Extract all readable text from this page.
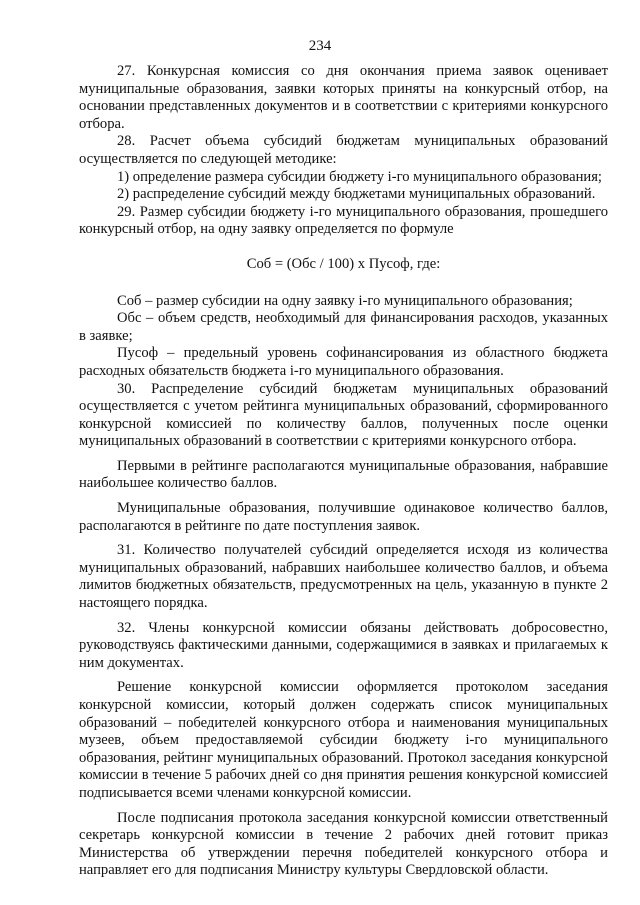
234

27. Конкурсная комиссия со дня окончания приема заявок оценивает муниципальные образования, заявки которых приняты на конкурсный отбор, на основании представленных документов и в соответствии с критериями конкурсного отбора.

28. Расчет объема субсидий бюджетам муниципальных образований осуществляется по следующей методике:

1) определение размера субсидии бюджету i-го муниципального образования;

2) распределение субсидий между бюджетами муниципальных образований.

29. Размер субсидии бюджету i-го муниципального образования, прошедшего конкурсный отбор, на одну заявку определяется по формуле

Соб = (Обс / 100) х Пусоф, где:

Соб – размер субсидии на одну заявку i-го муниципального образования;

Обс – объем средств, необходимый для финансирования расходов, указанных в заявке;

Пусоф – предельный уровень софинансирования из областного бюджета расходных обязательств бюджета i-го муниципального образования.

30. Распределение субсидий бюджетам муниципальных образований осуществляется с учетом рейтинга муниципальных образований, сформированного конкурсной комиссией по количеству баллов, полученных после оценки муниципальных образований в соответствии с критериями конкурсного отбора.

Первыми в рейтинге располагаются муниципальные образования, набравшие наибольшее количество баллов.

Муниципальные образования, получившие одинаковое количество баллов, располагаются в рейтинге по дате поступления заявок.

31. Количество получателей субсидий определяется исходя из количества муниципальных образований, набравших наибольшее количество баллов, и объема лимитов бюджетных обязательств, предусмотренных на цель, указанную в пункте 2 настоящего порядка.

32. Члены конкурсной комиссии обязаны действовать добросовестно, руководствуясь фактическими данными, содержащимися в заявках и прилагаемых к ним документах.

Решение конкурсной комиссии оформляется протоколом заседания конкурсной комиссии, который должен содержать список муниципальных образований – победителей конкурсного отбора и наименования муниципальных музеев, объем предоставляемой субсидии бюджету i-го муниципального образования, рейтинг муниципальных образований. Протокол заседания конкурсной комиссии в течение 5 рабочих дней со дня принятия решения конкурсной комиссией подписывается всеми членами конкурсной комиссии.

После подписания протокола заседания конкурсной комиссии ответственный секретарь конкурсной комиссии в течение 2 рабочих дней готовит приказ Министерства об утверждении перечня победителей конкурсного отбора и направляет его для подписания Министру культуры Свердловской области.
